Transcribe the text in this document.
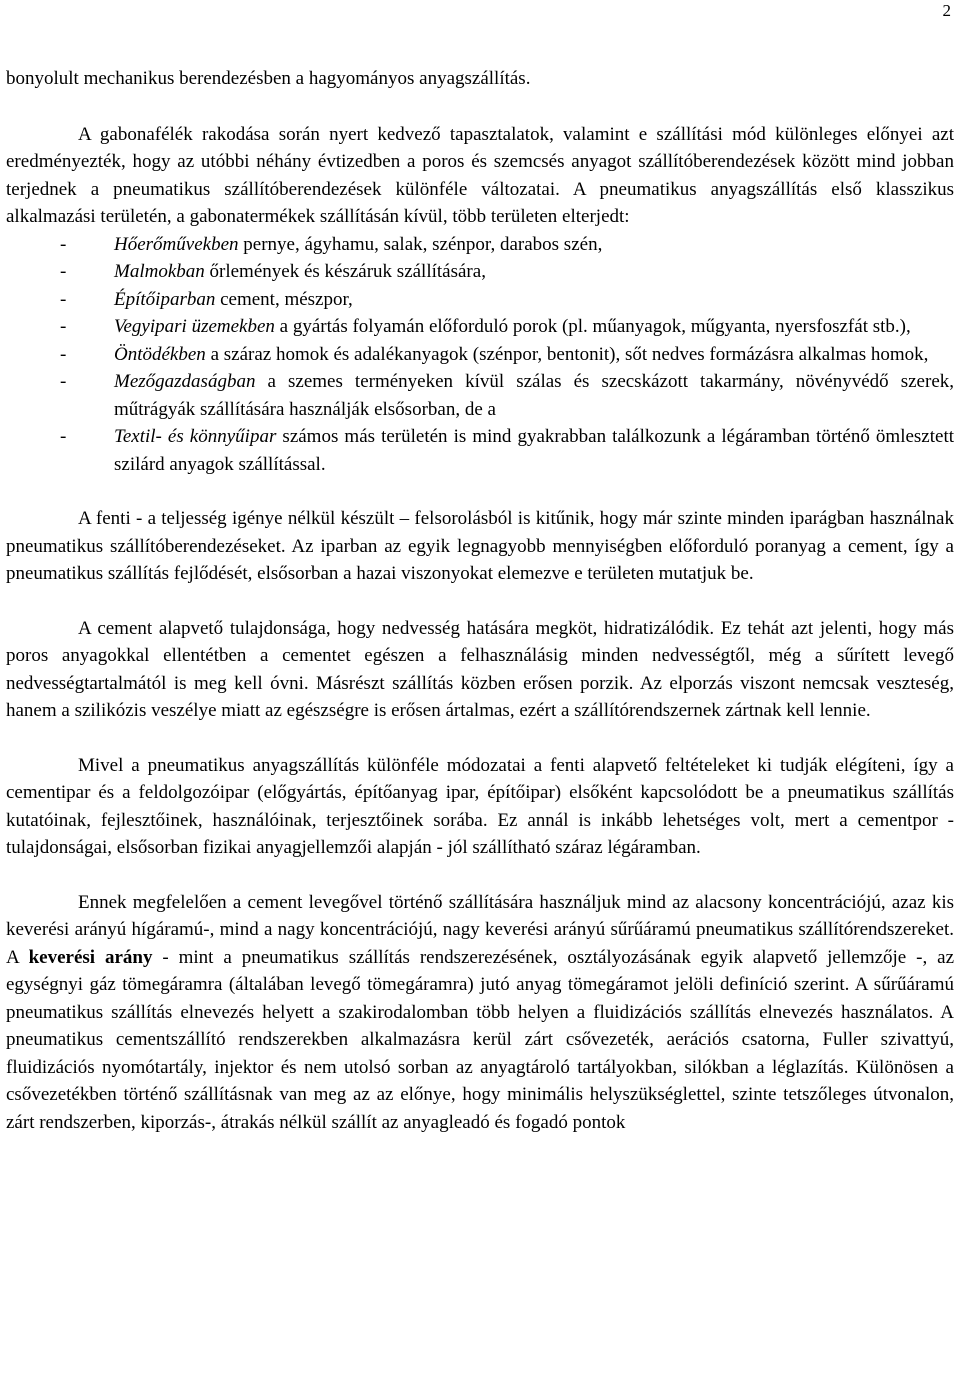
2

bonyolult mechanikus berendezésben a hagyományos anyagszállítás.

A gabonafélék rakodása során nyert kedvező tapasztalatok, valamint e szállítási mód különleges előnyei azt eredményezték, hogy az utóbbi néhány évtizedben a poros és szemcsés anyagot szállítóberendezések között mind jobban terjednek a pneumatikus szállítóberendezések különféle változatai. A pneumatikus anyagszállítás első klasszikus alkalmazási területén, a gabonatermékek szállításán kívül, több területen elterjedt:

-	Hőerőművekben pernye, ágyhamu, salak, szénpor, darabos szén,
-	Malmokban őrlemények és készáruk szállítására,
-	Építőiparban cement, mészpor,
-	Vegyipari üzemekben a gyártás folyamán előforduló porok (pl. műanyagok, műgyanta, nyersfoszfát stb.),
-	Öntödékben a száraz homok és adalékanyagok (szénpor, bentonit), sőt nedves formázásra alkalmas homok,
-	Mezőgazdaságban a szemes terményeken kívül szálas és szecskázott takarmány, növényvédő szerek, műtrágyák szállítására használják elsősorban, de a
-	Textil- és könnyűipar számos más területén is mind gyakrabban találkozunk a légáramban történő ömlesztett szilárd anyagok szállítással.

A fenti - a teljesség igénye nélkül készült – felsorolásból is kitűnik, hogy már szinte minden iparágban használnak pneumatikus szállítóberendezéseket. Az iparban az egyik legnagyobb mennyiségben előforduló poranyag a cement, így a pneumatikus szállítás fejlődését, elsősorban a hazai viszonyokat elemezve e területen mutatjuk be.

A cement alapvető tulajdonsága, hogy nedvesség hatására megköt, hidratizálódik. Ez tehát azt jelenti, hogy más poros anyagokkal ellentétben a cementet egészen a felhasználásig minden nedvességtől, még a sűrített levegő nedvességtartalmától is meg kell óvni. Másrészt szállítás közben erősen porzik. Az elporzás viszont nemcsak veszteség, hanem a szilikózis veszélye miatt az egészségre is erősen ártalmas, ezért a szállítórendszernek zártnak kell lennie.

Mivel a pneumatikus anyagszállítás különféle módozatai a fenti alapvető feltételeket ki tudják elégíteni, így a cementipar és a feldolgozóipar (előgyártás, építőanyag ipar, építőipar) elsőként kapcsolódott be a pneumatikus szállítás kutatóinak, fejlesztőinek, használóinak, terjesztőinek sorába. Ez annál is inkább lehetséges volt, mert a cementpor - tulajdonságai, elsősorban fizikai anyagjellemzői alapján - jól szállítható száraz légáramban.

Ennek megfelelően a cement levegővel történő szállítására használjuk mind az alacsony koncentrációjú, azaz kis keverési arányú hígáramú-, mind a nagy koncentrációjú, nagy keverési arányú sűrűáramú pneumatikus szállítórendszereket. A keverési arány - mint a pneumatikus szállítás rendszerezésének, osztályozásának egyik alapvető jellemzője -, az egységnyi gáz tömegáramra (általában levegő tömegáramra) jutó anyag tömegáramot jelöli definíció szerint. A sűrűáramú pneumatikus szállítás elnevezés helyett a szakirodalomban több helyen a fluidizációs szállítás elnevezés használatos. A pneumatikus cementszállító rendszerekben alkalmazásra kerül zárt csővezeték, aerációs csatorna, Fuller szivattyú, fluidizációs nyomótartály, injektor és nem utolsó sorban az anyagtároló tartályokban, silókban a léglazítás. Különösen a csővezetékben történő szállításnak van meg az az előnye, hogy minimális helyszükséglettel, szinte tetszőleges útvonalon, zárt rendszerben, kiporzás-, átrakás nélkül szállít az anyagleadó és fogadó pontok
